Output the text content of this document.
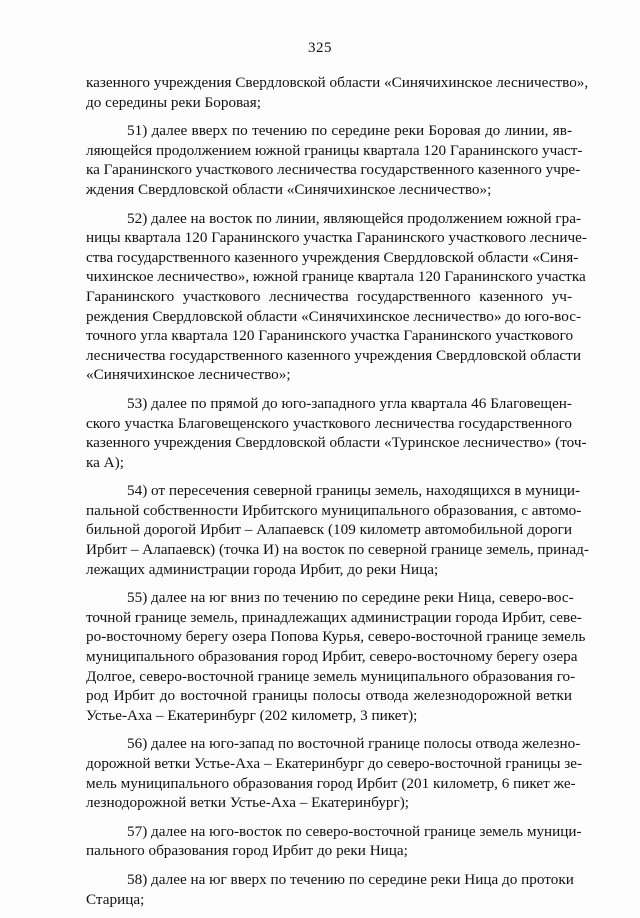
325
казенного учреждения Свердловской области «Синячихинское лесничество»,
до середины реки Боровая;
51) далее вверх по течению по середине реки Боровая до линии, яв-
ляющейся продолжением южной границы квартала 120 Гаранинского участ-
ка Гаранинского участкового лесничества государственного казенного учре-
ждения Свердловской области «Синячихинское лесничество»;
52) далее на восток по линии, являющейся продолжением южной гра-
ницы квартала 120 Гаранинского участка Гаранинского участкового лесниче-
ства государственного казенного учреждения Свердловской области «Синя-
чихинское лесничество», южной границе квартала 120 Гаранинского участка
Гаранинского участкового лесничества государственного казенного уч-
реждения Свердловской области «Синячихинское лесничество» до юго-вос-
точного угла квартала 120 Гаранинского участка Гаранинского участкового
лесничества государственного казенного учреждения Свердловской области
«Синячихинское лесничество»;
53) далее по прямой до юго-западного угла квартала 46 Благовещен-
ского участка Благовещенского участкового лесничества государственного
казенного учреждения Свердловской области «Туринское лесничество» (точ-
ка А);
54) от пересечения северной границы земель, находящихся в муници-
пальной собственности Ирбитского муниципального образования, с автомо-
бильной дорогой Ирбит – Алапаевск (109 километр автомобильной дороги
Ирбит – Алапаевск) (точка И) на восток по северной границе земель, принад-
лежащих администрации города Ирбит, до реки Ница;
55) далее на юг вниз по течению по середине реки Ница, северо-вос-
точной границе земель, принадлежащих администрации города Ирбит, севе-
ро-восточному берегу озера Попова Курья, северо-восточной границе земель
муниципального образования город Ирбит, северо-восточному берегу озера
Долгое, северо-восточной границе земель муниципального образования го-
род Ирбит до восточной границы полосы отвода железнодорожной ветки
Устье-Аха – Екатеринбург (202 километр, 3 пикет);
56) далее на юго-запад по восточной границе полосы отвода железно-
дорожной ветки Устье-Аха – Екатеринбург до северо-восточной границы зе-
мель муниципального образования город Ирбит (201 километр, 6 пикет же-
лезнодорожной ветки Устье-Аха – Екатеринбург);
57) далее на юго-восток по северо-восточной границе земель муници-
пального образования город Ирбит до реки Ница;
58) далее на юг вверх по течению по середине реки Ница до протоки
Старица;
